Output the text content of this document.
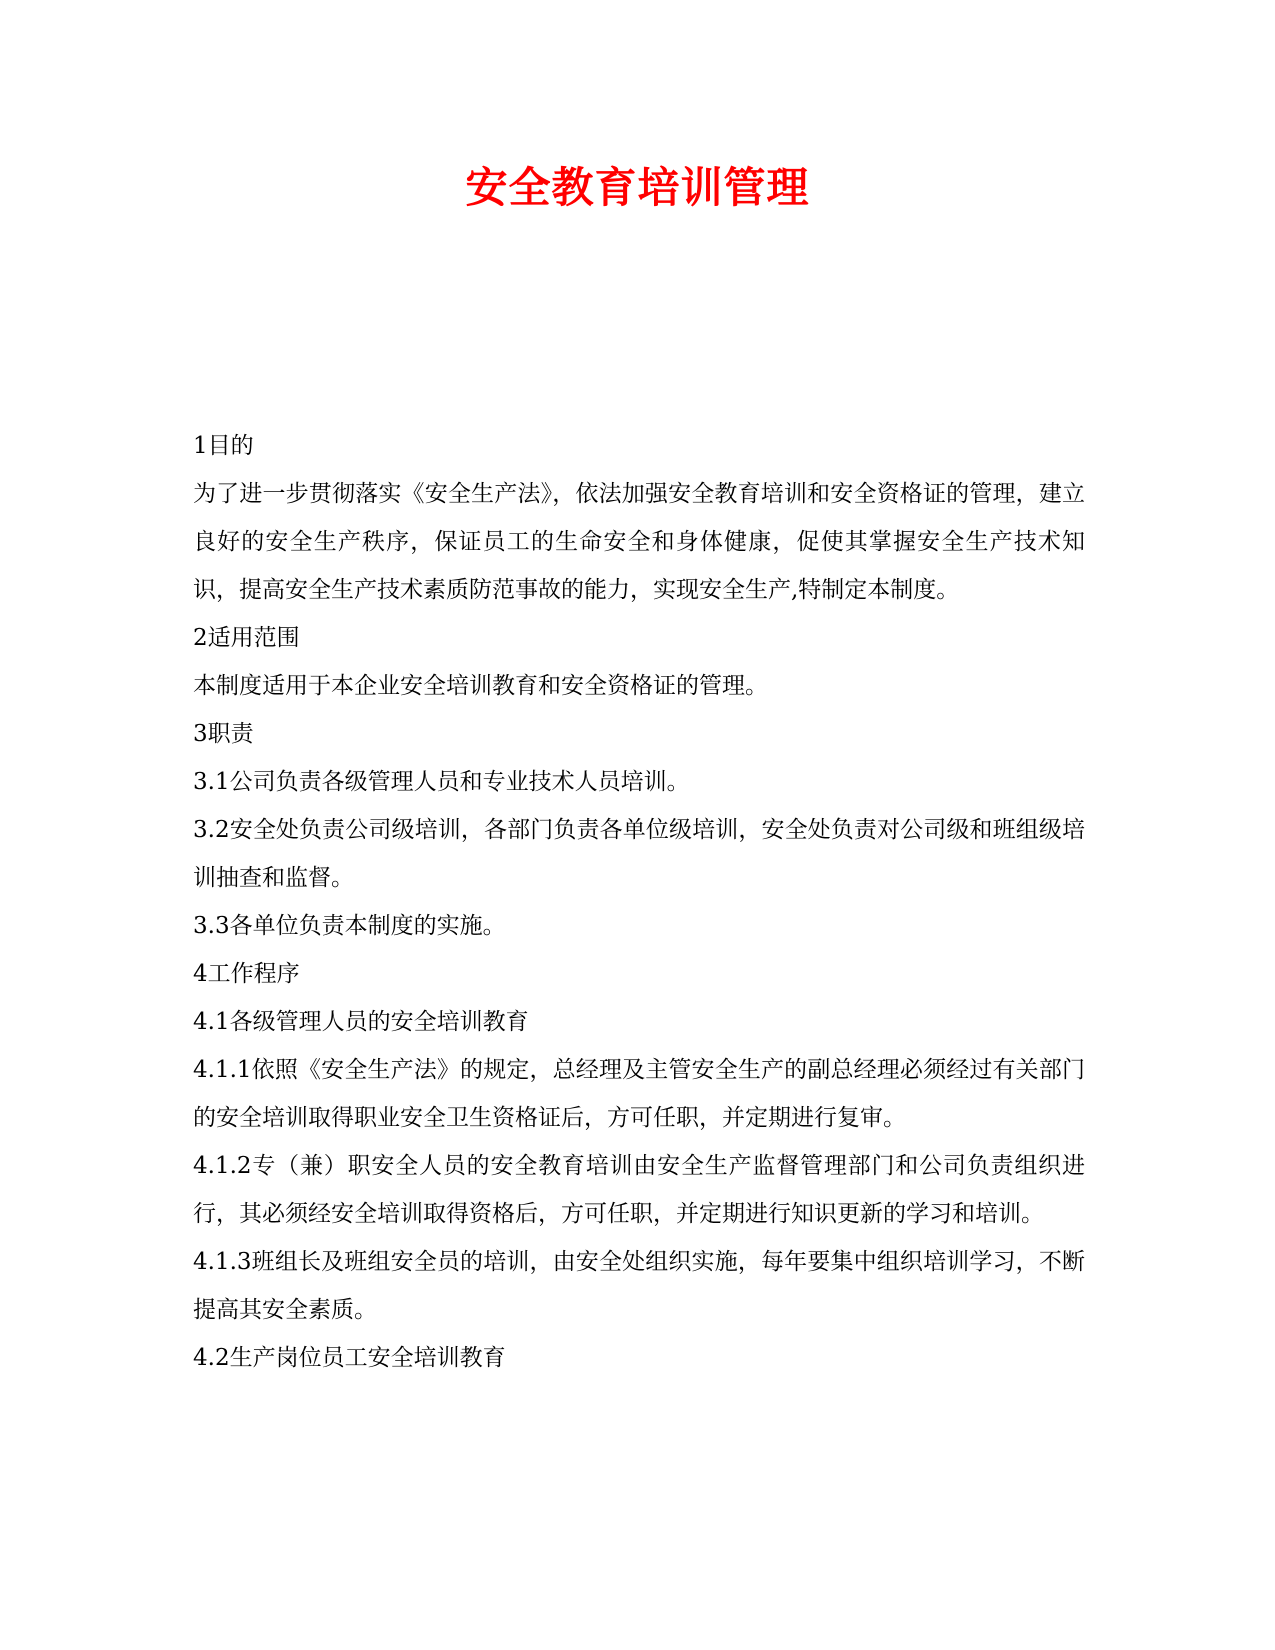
安全教育培训管理

1目的

为了进一步贯彻落实《安全生产法》，依法加强安全教育培训和安全资格证的管理，建立良好的安全生产秩序，保证员工的生命安全和身体健康，促使其掌握安全生产技术知识，提高安全生产技术素质防范事故的能力，实现安全生产,特制定本制度。

2适用范围

本制度适用于本企业安全培训教育和安全资格证的管理。

3职责

3.1公司负责各级管理人员和专业技术人员培训。

3.2安全处负责公司级培训，各部门负责各单位级培训，安全处负责对公司级和班组级培训抽查和监督。

3.3各单位负责本制度的实施。

4工作程序

4.1各级管理人员的安全培训教育

4.1.1依照《安全生产法》的规定，总经理及主管安全生产的副总经理必须经过有关部门的安全培训取得职业安全卫生资格证后，方可任职，并定期进行复审。

4.1.2专（兼）职安全人员的安全教育培训由安全生产监督管理部门和公司负责组织进行，其必须经安全培训取得资格后，方可任职，并定期进行知识更新的学习和培训。

4.1.3班组长及班组安全员的培训，由安全处组织实施，每年要集中组织培训学习，不断提高其安全素质。

4.2生产岗位员工安全培训教育
